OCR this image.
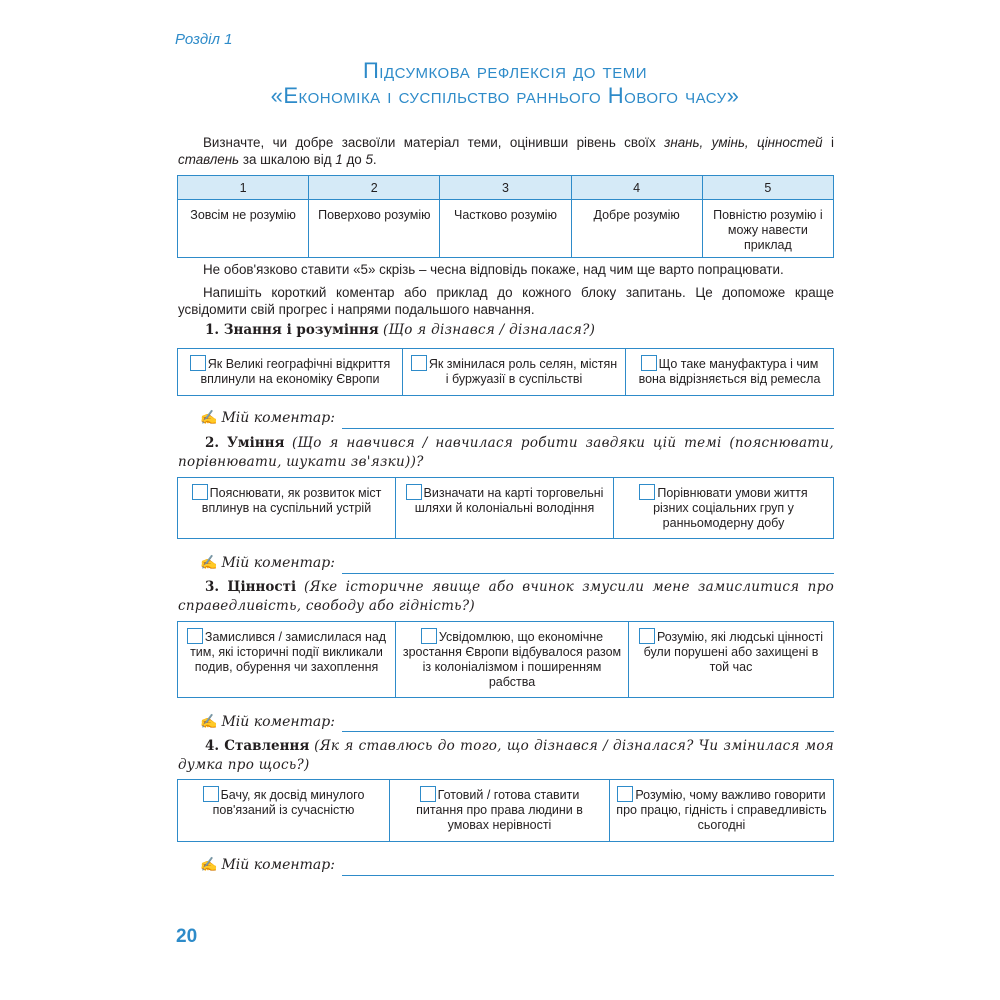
Розділ 1
Підсумкова рефлексія до теми
«Економіка і суспільство раннього Нового часу»
Визначте, чи добре засвоїли матеріал теми, оцінивши рівень своїх знань, умінь, цінностей і ставлень за шкалою від 1 до 5.
1	2	3	4	5
Зовсім не розумію	Поверхово розумію	Частково розумію	Добре розумію	Повністю розумію і можу навести приклад
Не обов'язково ставити «5» скрізь – чесна відповідь покаже, над чим ще варто попрацювати.
Напишіть короткий коментар або приклад до кожного блоку запитань. Це допоможе краще усвідомити свій прогрес і напрями подальшого навчання.
1. Знання і розуміння (Що я дізнався / дізналася?)
Як Великі географічні відкриття вплинули на економіку Європи
Як змінилася роль селян, містян і буржуазії в суспільстві
Що таке мануфактура і чим вона відрізняється від ремесла
✍ Мій коментар:
2. Уміння (Що я навчився / навчилася робити завдяки цій темі (пояснювати, порівнювати, шукати зв'язки))?
Пояснювати, як розвиток міст вплинув на суспільний устрій
Визначати на карті торговельні шляхи й колоніальні володіння
Порівнювати умови життя різних соціальних груп у ранньомодерну добу
✍ Мій коментар:
3. Цінності (Яке історичне явище або вчинок змусили мене замислитися про справедливість, свободу або гідність?)
Замислився / замислилася над тим, які історичні події викликали подив, обурення чи захоплення
Усвідомлюю, що економічне зростання Європи відбувалося разом із колоніалізмом і поширенням рабства
Розумію, які людські цінності були порушені або захищені в той час
✍ Мій коментар:
4. Ставлення (Як я ставлюсь до того, що дізнався / дізналася? Чи змінилася моя думка про щось?)
Бачу, як досвід минулого пов'язаний із сучасністю
Готовий / готова ставити питання про права людини в умовах нерівності
Розумію, чому важливо говорити про працю, гідність і справедливість сьогодні
✍ Мій коментар:
20
